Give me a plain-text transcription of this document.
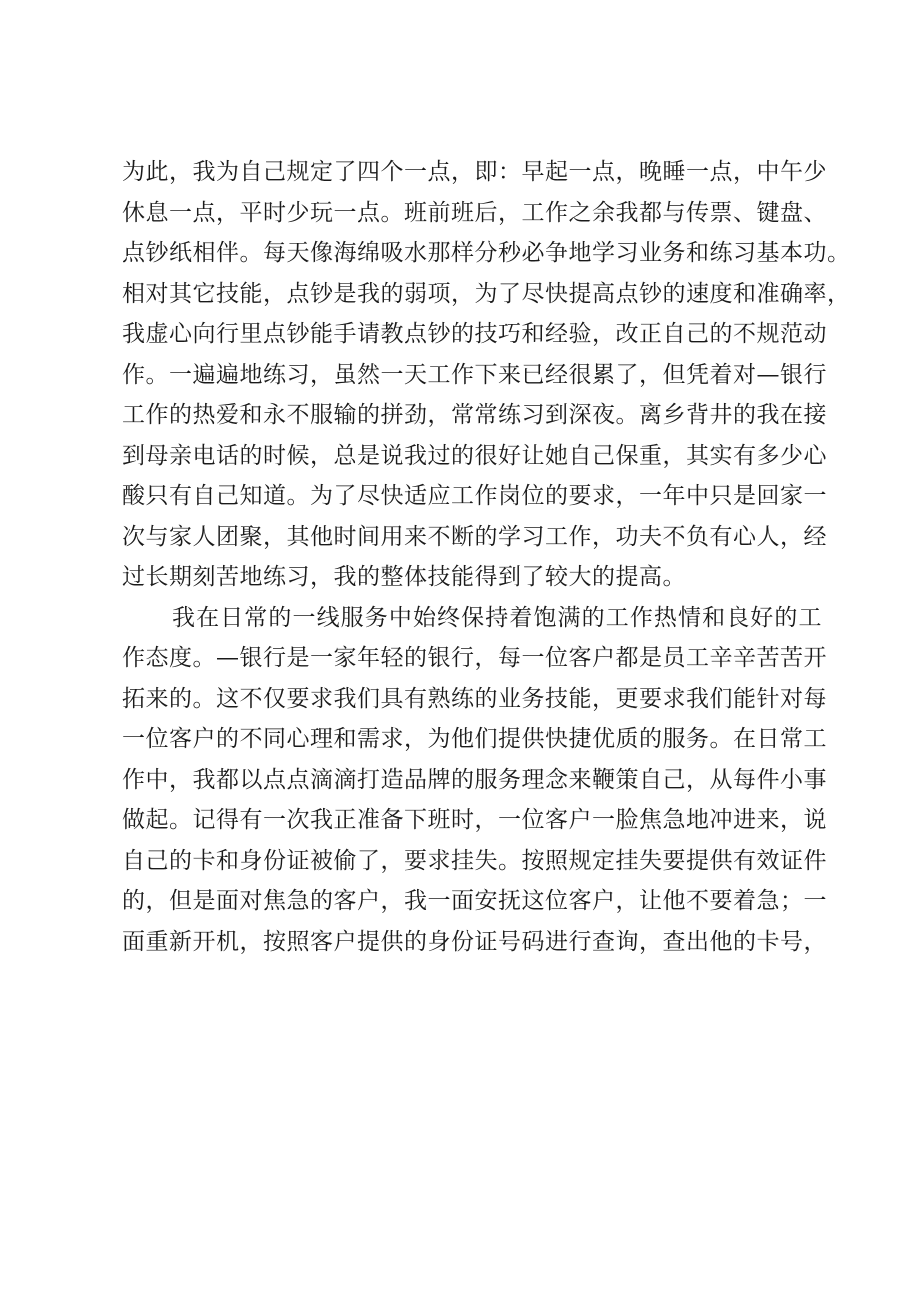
为此，我为自己规定了四个一点，即：早起一点，晚睡一点，中午少
休息一点，平时少玩一点。班前班后，工作之余我都与传票、键盘、
点钞纸相伴。每天像海绵吸水那样分秒必争地学习业务和练习基本功。
相对其它技能，点钞是我的弱项，为了尽快提高点钞的速度和准确率，
我虚心向行里点钞能手请教点钞的技巧和经验，改正自己的不规范动
作。一遍遍地练习，虽然一天工作下来已经很累了，但凭着对—银行
工作的热爱和永不服输的拼劲，常常练习到深夜。离乡背井的我在接
到母亲电话的时候，总是说我过的很好让她自己保重，其实有多少心
酸只有自己知道。为了尽快适应工作岗位的要求，一年中只是回家一
次与家人团聚，其他时间用来不断的学习工作，功夫不负有心人，经
过长期刻苦地练习，我的整体技能得到了较大的提高。
我在日常的一线服务中始终保持着饱满的工作热情和良好的工
作态度。—银行是一家年轻的银行，每一位客户都是员工辛辛苦苦开
拓来的。这不仅要求我们具有熟练的业务技能，更要求我们能针对每
一位客户的不同心理和需求，为他们提供快捷优质的服务。在日常工
作中，我都以点点滴滴打造品牌的服务理念来鞭策自己，从每件小事
做起。记得有一次我正准备下班时，一位客户一脸焦急地冲进来，说
自己的卡和身份证被偷了，要求挂失。按照规定挂失要提供有效证件
的，但是面对焦急的客户，我一面安抚这位客户，让他不要着急；一
面重新开机，按照客户提供的身份证号码进行查询，查出他的卡号，
